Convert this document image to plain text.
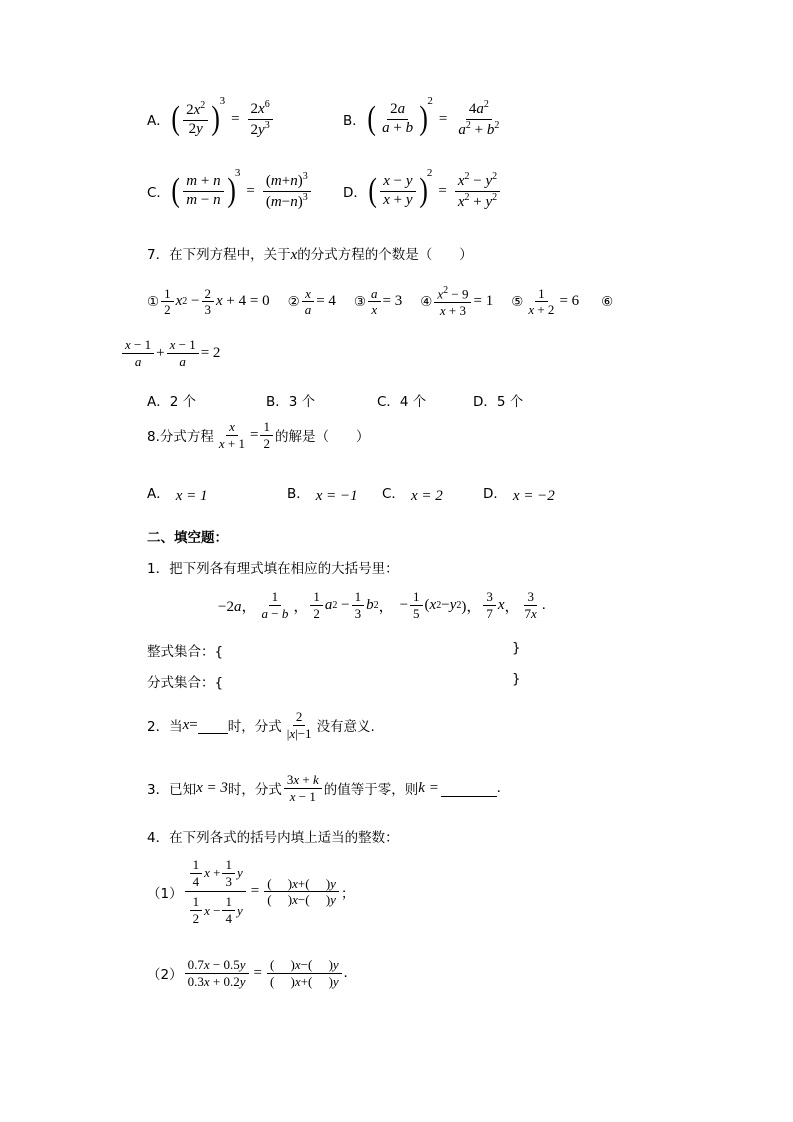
A． ( $\frac{2x^2}{2y}$ ) 3
= $\frac{2x^6}{2y^3}$	B． ( $\frac{2a}{a + b}$ ) 2
= $\frac{4a^2}{a^2 + b^2}$
C． ( $\frac{m + n}{m - n}$ ) 3
= $\frac{(m+n)^3}{(m-n)^3}$ D． ( $\frac{x - y}{x + y}$ ) 2
= $\frac{x^2 - y^2}{x^2 + y^2}$
7．在下列方程中，关于x的分式方程的个数是（　　）
① $\frac{1}{2}$ x $2 - \frac{2}{3}$ x + 4 = 0 ② $\frac{x}{a} = 4$ ③ $\frac{a}{x} = 3$ ④ $\frac{x^2 - 9}{x + 3} = 1$ ⑤ $\frac{1}{x + 2} = 6$ ⑥
$\frac{x - 1}{a} + \frac{x - 1}{a} = 2$
A．2 个	B．3 个	C．4 个	D．5 个
8.分式方程 $\frac{x}{x + 1} = \frac{1}{2}$ 的解是（　　）
A． x = 1	B． x = −1 C． x = 2	D． x = −2
二、填空题：
1．把下列各有理式填在相应的大括号里：
−2a， $\frac{1}{a - b}$ ， $\frac{1}{2}$ a $2 - \frac{1}{3}$ b 2 ， − $\frac{1}{5}$ ( x 2 − y 2 )， $\frac{3}{7}$ x ， $\frac{3}{7x}$ .
整式集合：{	}
分式集合：{	}
2．当 x = 时，分式 $\frac{2}{|x|-1}$ 没有意义.
3．已知 x = 3 时，分式 $\frac{3x + k}{x - 1}$ 的值等于零，则 k =	.
4．在下列各式的括号内填上适当的整数：
$(1) \frac{\frac{1}{4} x + \frac{1}{3} y}{\frac{1}{2} x - \frac{1}{4} y} = \frac{( )x+( )y}{( )x-( )y}$ ；
$(2) \frac{0.7x - 0.5y}{0.3x + 0.2y} = \frac{( )x-( )y}{( )x+( )y}$ .
